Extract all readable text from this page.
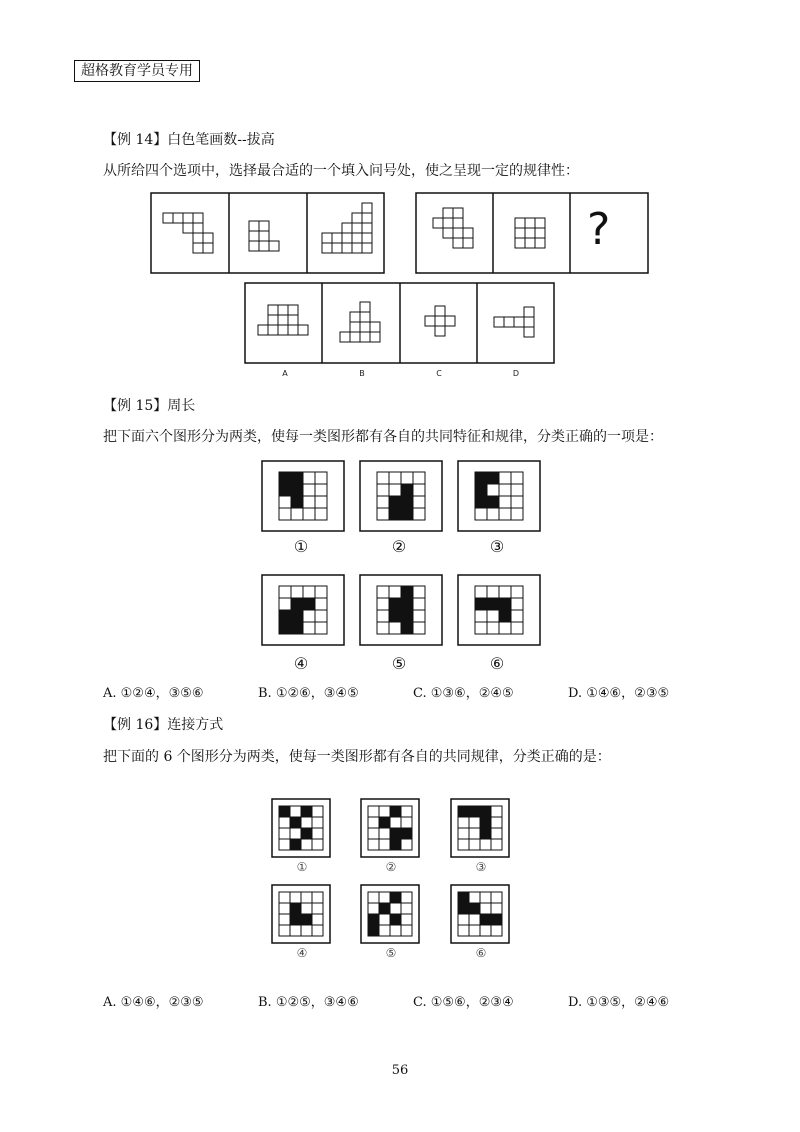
超格教育学员专用
【例 14】白色笔画数--拔高
从所给四个选项中，选择最合适的一个填入问号处，使之呈现一定的规律性：
?
A	B	C	D
【例 15】周长
把下面六个图形分为两类，使每一类图形都有各自的共同特征和规律，分类正确的一项是：
①	②	③
④	⑤	⑥
A. ①②④，③⑤⑥	B. ①②⑥，③④⑤	C. ①③⑥，②④⑤	D. ①④⑥，②③⑤
【例 16】连接方式
把下面的 6 个图形分为两类，使每一类图形都有各自的共同规律，分类正确的是：
①	②	③
④	⑤	⑥
A. ①④⑥，②③⑤	B. ①②⑤，③④⑥	C. ①⑤⑥，②③④	D. ①③⑤，②④⑥
56
